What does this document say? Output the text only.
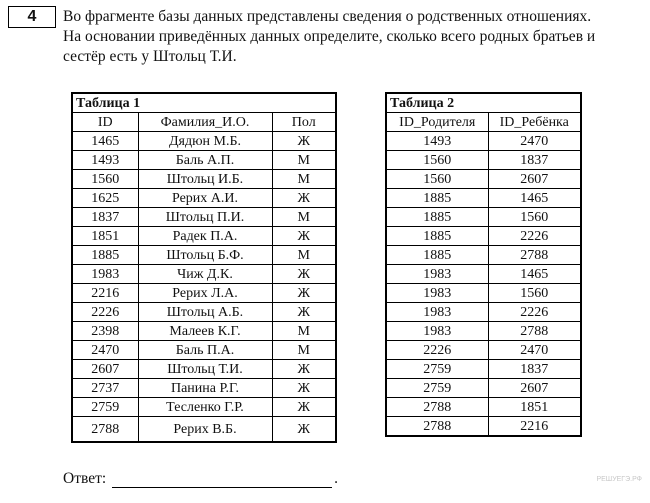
4 Во фрагменте базы данных представлены сведения о родственных отношениях.
На основании приведённых данных определите, сколько всего родных братьев и
сестёр есть у Штольц Т.И.
Таблица 1		
ID	Фамилия_И.О.	Пол
1465	Дядюн М.Б.	Ж
1493	Баль А.П.	М
1560	Штольц И.Б.	М
1625	Рерих А.И.	Ж
1837	Штольц П.И.	М
1851	Радек П.А.	Ж
1885	Штольц Б.Ф.	М
1983	Чиж Д.К.	Ж
2216	Рерих Л.А.	Ж
2226	Штольц А.Б.	Ж
2398	Малеев К.Г.	М
2470	Баль П.А.	М
2607	Штольц Т.И.	Ж
2737	Панина Р.Г.	Ж
2759	Тесленко Г.Р.	Ж
2788	Рерих В.Б.	Ж
Таблица 2	
ID_Родителя	ID_Ребёнка
1493	2470
1560	1837
1560	2607
1885	1465
1885	1560
1885	2226
1885	2788
1983	1465
1983	1560
1983	2226
1983	2788
2226	2470
2759	1837
2759	2607
2788	1851
2788	2216
Ответ:	.	РЕШУЕГЭ.РФ
